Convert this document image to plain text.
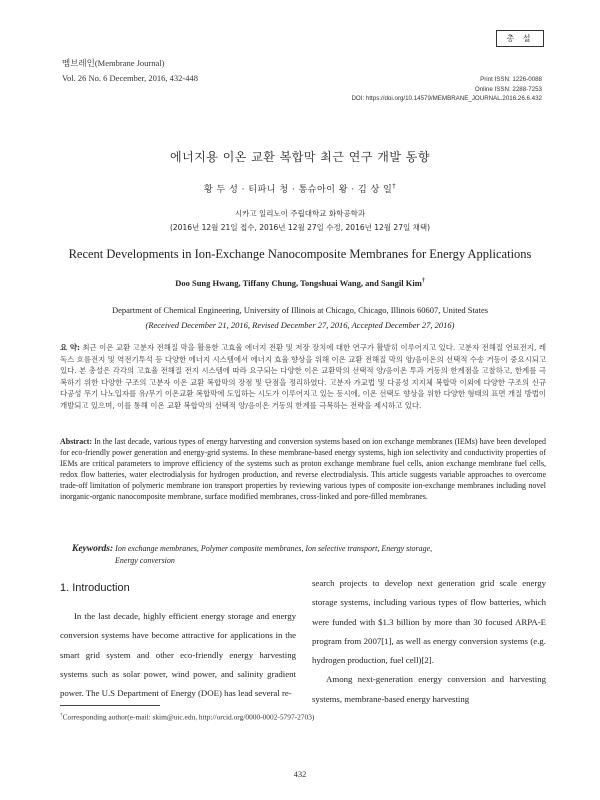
멤브레인(Membrane Journal)
Vol. 26 No. 6 December, 2016, 432-448
총 설
Print ISSN: 1226-0088
Online ISSN: 2288-7253
DOI: https://doi.org/10.14579/MEMBRANE_JOURNAL.2016.26.6.432
에너지용 이온 교환 복합막 최근 연구 개발 동향
황 두 성 · 티파니 청 · 통슈아이 왕 · 김 상 일†
시카고 일리노이 주립대학교 화학공학과
(2016년 12월 21일 접수, 2016년 12월 27일 수정, 2016년 12월 27일 채택)
Recent Developments in Ion-Exchange Nanocomposite Membranes for Energy Applications
Doo Sung Hwang, Tiffany Chung, Tongshuai Wang, and Sangil Kim†
Department of Chemical Engineering, University of Illinois at Chicago, Chicago, Illinois 60607, United States
(Received December 21, 2016, Revised December 27, 2016, Accepted December 27, 2016)
요 약: 최근 이온 교환 고분자 전해질 막을 활용한 고효율 에너지 전환 및 저장 장치에 대한 연구가 활발히 이루어지고 있다. 고분자 전해질 연료전지, 레독스 흐름전지 및 역전기투석 등 다양한 에너지 시스템에서 에너지 효율 향상을 위해 이온 교환 전해질 막의 양/음이온의 선택적 수송 거동이 중요시되고 있다. 본 총설은 각각의 고효율 전해질 전지 시스템에 따라 요구되는 다양한 이온 교환막의 선택적 양/음이온 투과 거동의 한계점을 고찰하고, 한계를 극복하기 위한 다양한 구조의 고분자 이온 교환 복합막의 장점 및 단점을 정리하였다. 고분자 가교법 및 다공성 지지체 복합막 이외에 다양한 구조의 신규다공성 무기 나노입자를 유/무기 이온교환 복합막에 도입하는 시도가 이루어지고 있는 동시에, 이온 선택도 향상을 위한 다양한 형태의 표면 개질 방법이 개발되고 있으며, 이를 통해 이온 교환 복합막의 선택적 양/음이온 거동의 한계를 극복하는 전략을 제시하고 있다.
Abstract: In the last decade, various types of energy harvesting and conversion systems based on ion exchange membranes (IEMs) have been developed for eco-friendly power generation and energy-grid systems. In these membrane-based energy systems, high ion selectivity and conductivity properties of IEMs are critical parameters to improve efficiency of the systems such as proton exchange membrane fuel cells, anion exchange membrane fuel cells, redox flow batteries, water electrodialysis for hydrogen production, and reverse electrodialysis. This article suggests variable approaches to overcome trade-off limitation of polymeric membrane ion transport properties by reviewing various types of composite ion-exchange membranes including novel inorganic-organic nanocomposite membrane, surface modified membranes, cross-linked and pore-filled membranes.
Keywords: Ion exchange membranes, Polymer composite membranes, Ion selective transport, Energy storage,
Energy conversion
1. Introduction
In the last decade, highly efficient energy storage and energy conversion systems have become attractive for applications in the smart grid system and other eco-friendly energy harvesting systems such as solar power, wind power, and salinity gradient power. The U.S Department of Energy (DOE) has lead several re-
search projects to develop next generation grid scale energy storage systems, including various types of flow batteries, which were funded with $1.3 billion by more than 30 focused ARPA-E program from 2007[1], as well as energy conversion systems (e.g. hydrogen production, fuel cell)[2].
Among next-generation energy conversion and harvesting systems, membrane-based energy harvesting
†Corresponding author(e-mail: skim@uic.edu, http://orcid.org/0000-0002-5797-2703)
432
